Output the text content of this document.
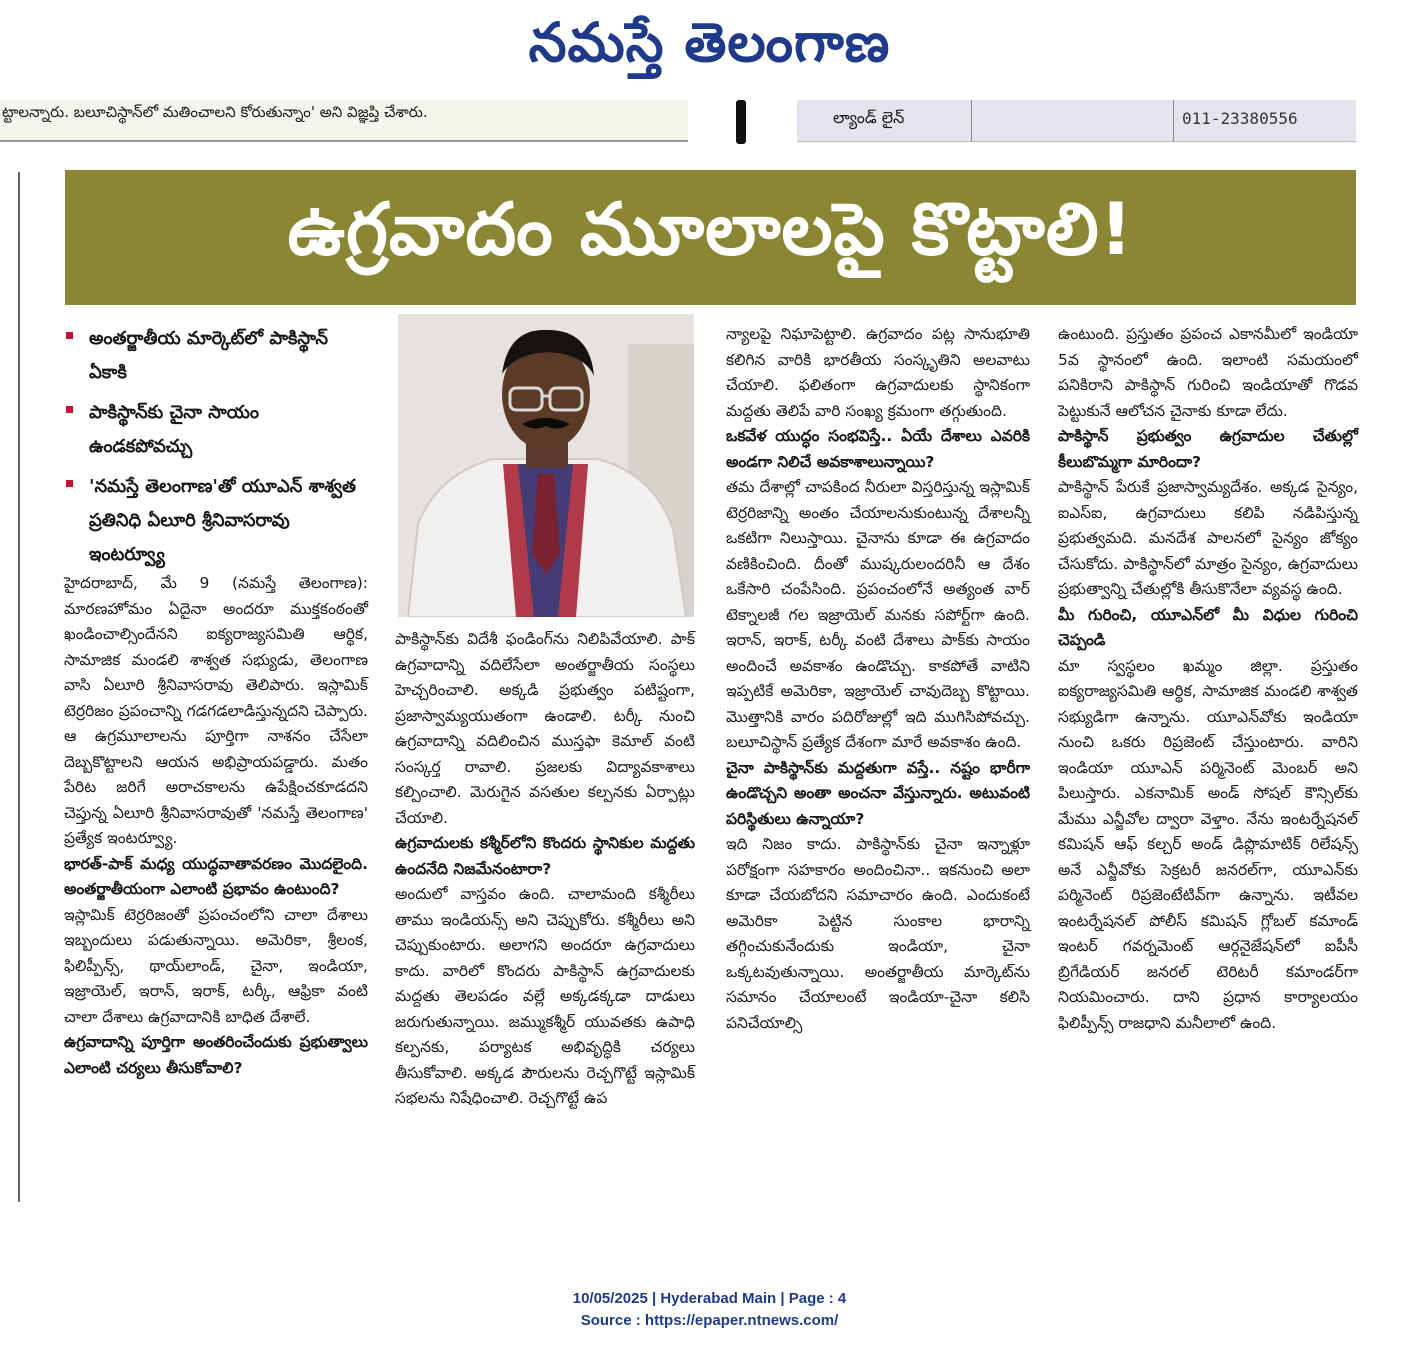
నమస్తే తెలంగాణ
ట్టాలన్నారు. బలూచిస్థాన్‌లో మతించాలని కోరుతున్నాం' అని విజ్ఞప్తి చేశారు.	ల్యాండ్ లైన్	011-23380556
ఉగ్రవాదం మూలాలపై కొట్టాలి!
అంతర్జాతీయ మార్కెట్‌లో పాకిస్థాన్ ఏకాకి
పాకిస్థాన్‌కు చైనా సాయం ఉండకపోవచ్చు
'నమస్తే తెలంగాణ'తో యూఎన్ శాశ్వత ప్రతినిధి ఏలూరి శ్రీనివాసరావు ఇంటర్వ్యూ

హైదరాబాద్, మే 9 (నమస్తే తెలంగాణ): మారణహోమం ఏదైనా అందరూ ముక్తకంఠంతో ఖండించాల్సిందేనని ఐక్యరాజ్యసమితి ఆర్థిక, సామాజిక మండలి శాశ్వత సభ్యుడు, తెలంగాణ వాసి ఏలూరి శ్రీనివాసరావు తెలిపారు. ఇస్లామిక్ టెర్రరిజం ప్రపంచాన్ని గడగడలాడిస్తున్నదని చెప్పారు. ఆ ఉగ్రమూలాలను పూర్తిగా నాశనం చేసేలా దెబ్బకొట్టాలని ఆయన అభిప్రాయపడ్డారు. మతం పేరిట జరిగే అరాచకాలను ఉపేక్షించకూడదని చెప్తున్న ఏలూరి శ్రీనివాసరావుతో 'నమస్తే తెలంగాణ' ప్రత్యేక ఇంటర్వ్యూ.

భారత్-పాక్ మధ్య యుద్ధవాతావరణం మొదలైంది. అంతర్జాతీయంగా ఎలాంటి ప్రభావం ఉంటుంది?

ఇస్లామిక్ టెర్రరిజంతో ప్రపంచంలోని చాలా దేశాలు ఇబ్బందులు పడుతున్నాయి. అమెరికా, శ్రీలంక, ఫిలిప్పీన్స్, థాయ్‌లాండ్, చైనా, ఇండియా, ఇజ్రాయెల్, ఇరాన్, ఇరాక్, టర్కీ, ఆఫ్రికా వంటి చాలా దేశాలు ఉగ్రవాదానికి బాధిత దేశాలే.

ఉగ్రవాదాన్ని పూర్తిగా అంతరించేందుకు ప్రభుత్వాలు ఎలాంటి చర్యలు తీసుకోవాలి?

పాకిస్థాన్‌కు విదేశీ ఫండింగ్‌ను నిలిపివేయాలి. పాక్ ఉగ్రవాదాన్ని వదిలేసేలా అంతర్జాతీయ సంస్థలు హెచ్చరించాలి. అక్కడి ప్రభుత్వం పటిష్టంగా, ప్రజాస్వామ్యయుతంగా ఉండాలి. టర్కీ నుంచి ఉగ్రవాదాన్ని వదిలించిన ముస్తఫా కెమాల్ వంటి సంస్కర్త రావాలి. ప్రజలకు విద్యావకాశాలు కల్పించాలి. మెరుగైన వసతుల కల్పనకు ఏర్పాట్లు చేయాలి.

ఉగ్రవాదులకు కశ్మీర్‌లోని కొందరు స్థానికుల మద్దతు ఉందనేది నిజమేనంటారా?

అందులో వాస్తవం ఉంది. చాలామంది కశ్మీరీలు తాము ఇండియన్స్ అని చెప్పుకోరు. కశ్మీరీలు అని చెప్పుకుంటారు. అలాగని అందరూ ఉగ్రవాదులు కాదు. వారిలో కొందరు పాకిస్థాన్ ఉగ్రవాదులకు మద్దతు తెలపడం వల్లే అక్కడక్కడా దాడులు జరుగుతున్నాయి. జమ్ముకశ్మీర్ యువతకు ఉపాధి కల్పనకు, పర్యాటక అభివృద్ధికి చర్యలు తీసుకోవాలి. అక్కడ పౌరులను రెచ్చగొట్టే ఇస్లామిక్ సభలను నిషేధించాలి. రెచ్చగొట్టే ఉప

న్యాలపై నిఘాపెట్టాలి. ఉగ్రవాదం పట్ల సానుభూతి కలిగిన వారికి భారతీయ సంస్కృతిని అలవాటు చేయాలి. ఫలితంగా ఉగ్రవాదులకు స్థానికంగా మద్దతు తెలిపే వారి సంఖ్య క్రమంగా తగ్గుతుంది.

ఒకవేళ యుద్ధం సంభవిస్తే.. ఏయే దేశాలు ఎవరికి అండగా నిలిచే అవకాశాలున్నాయి?

తమ దేశాల్లో చాపకింద నీరులా విస్తరిస్తున్న ఇస్లామిక్ టెర్రరిజాన్ని అంతం చేయాలనుకుంటున్న దేశాలన్నీ ఒకటిగా నిలుస్తాయి. చైనాను కూడా ఈ ఉగ్రవాదం వణికించింది. దీంతో ముష్కరులందరినీ ఆ దేశం ఒకేసారి చంపేసింది. ప్రపంచంలోనే అత్యంత వార్ టెక్నాలజీ గల ఇజ్రాయెల్ మనకు సపోర్ట్‌గా ఉంది. ఇరాన్, ఇరాక్, టర్కీ వంటి దేశాలు పాక్‌కు సాయం అందించే అవకాశం ఉండొచ్చు. కాకపోతే వాటిని ఇప్పటికే అమెరికా, ఇజ్రాయెల్ చావుదెబ్బ కొట్టాయి. మొత్తానికి వారం పదిరోజుల్లో ఇది ముగిసిపోవచ్చు. బలూచిస్థాన్ ప్రత్యేక దేశంగా మారే అవకాశం ఉంది.

చైనా పాకిస్థాన్‌కు మద్దతుగా వస్తే.. నష్టం భారీగా ఉండొచ్చని అంతా అంచనా వేస్తున్నారు. అటువంటి పరిస్థితులు ఉన్నాయా?

ఇది నిజం కాదు. పాకిస్థాన్‌కు చైనా ఇన్నాళ్లూ పరోక్షంగా సహకారం అందించినా.. ఇకనుంచి అలా కూడా చేయబోదని సమాచారం ఉంది. ఎందుకంటే అమెరికా పెట్టిన సుంకాల భారాన్ని తగ్గించుకునేందుకు ఇండియా, చైనా ఒక్కటవుతున్నాయి. అంతర్జాతీయ మార్కెట్‌ను సమానం చేయాలంటే ఇండియా-చైనా కలిసి పనిచేయాల్సి

ఉంటుంది. ప్రస్తుతం ప్రపంచ ఎకానమీలో ఇండియా 5వ స్థానంలో ఉంది. ఇలాంటి సమయంలో పనికిరాని పాకిస్థాన్ గురించి ఇండియాతో గొడవ పెట్టుకునే ఆలోచన చైనాకు కూడా లేదు.

పాకిస్థాన్ ప్రభుత్వం ఉగ్రవాదుల చేతుల్లో కీలుబొమ్మగా మారిందా?

పాకిస్థాన్ పేరుకే ప్రజాస్వామ్యదేశం. అక్కడ సైన్యం, ఐఎస్ఐ, ఉగ్రవాదులు కలిపి నడిపిస్తున్న ప్రభుత్వమది. మనదేశ పాలనలో సైన్యం జోక్యం చేసుకోదు. పాకిస్థాన్‌లో మాత్రం సైన్యం, ఉగ్రవాదులు ప్రభుత్వాన్ని చేతుల్లోకి తీసుకొనేలా వ్యవస్థ ఉంది.

మీ గురించి, యూఎన్‌లో మీ విధుల గురించి చెప్పండి

మా స్వస్థలం ఖమ్మం జిల్లా. ప్రస్తుతం ఐక్యరాజ్యసమితి ఆర్థిక, సామాజిక మండలి శాశ్వత సభ్యుడిగా ఉన్నాను. యూఎన్‌వోకు ఇండియా నుంచి ఒకరు రిప్రజెంట్ చేస్తుంటారు. వారిని ఇండియా యూఎన్ పర్మినెంట్ మెంబర్ అని పిలుస్తారు. ఎకనామిక్ అండ్ సోషల్ కౌన్సిల్‌కు మేము ఎన్జీవోల ద్వారా వెళ్తాం. నేను ఇంటర్నేషనల్ కమిషన్ ఆఫ్ కల్చర్ అండ్ డిప్లొమాటిక్ రిలేషన్స్ అనే ఎన్జీవోకు సెక్రటరీ జనరల్‌గా, యూఎన్‌కు పర్మినెంట్ రిప్రజెంటేటివ్‌గా ఉన్నాను. ఇటీవల ఇంటర్నేషనల్ పోలీస్ కమిషన్ గ్లోబల్ కమాండ్ ఇంటర్ గవర్నమెంట్ ఆర్గనైజేషన్‌లో ఐపీసీ బ్రిగేడియర్ జనరల్ టెరిటరీ కమాండర్‌గా నియమించారు. దాని ప్రధాన కార్యాలయం ఫిలిప్పీన్స్ రాజధాని మనీలాలో ఉంది.

10/05/2025 | Hyderabad Main | Page : 4
Source : https://epaper.ntnews.com/
